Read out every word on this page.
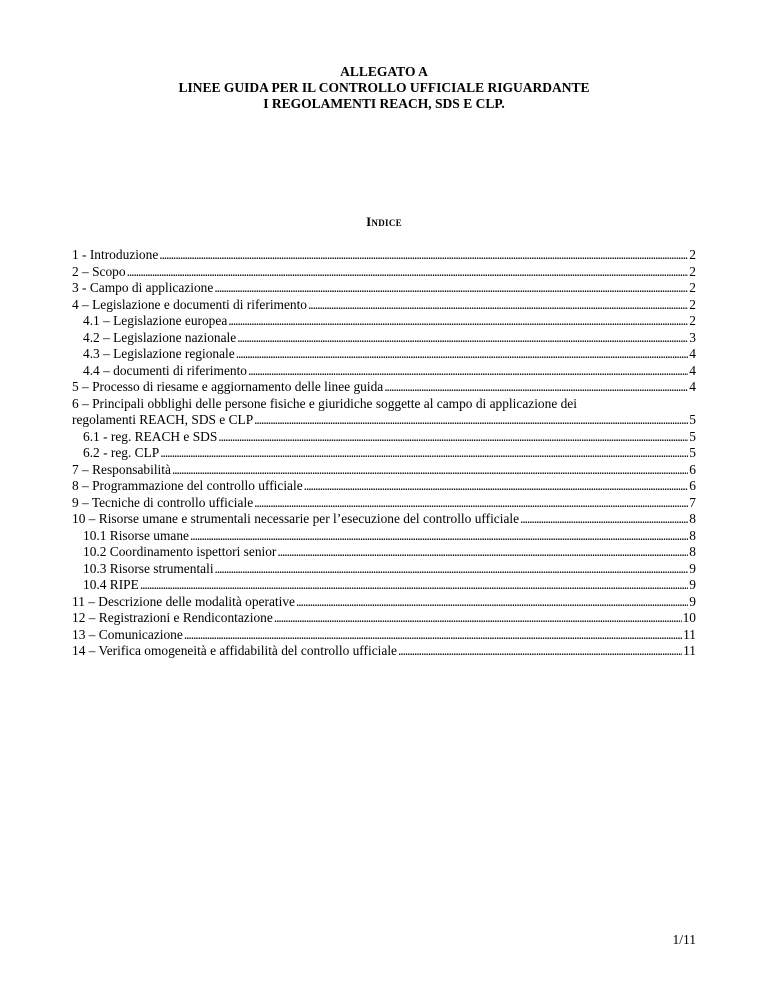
ALLEGATO A
LINEE GUIDA PER IL CONTROLLO UFFICIALE RIGUARDANTE
I REGOLAMENTI REACH, SDS E CLP.
Indice
1 - Introduzione . . .	2
2 – Scopo . . .	2
3 - Campo di applicazione . . .	2
4 – Legislazione e documenti di riferimento . . .	2
4.1 – Legislazione europea . . .	2
4.2 – Legislazione nazionale . . .	3
4.3 – Legislazione regionale . . .	4
4.4 – documenti di riferimento . . .	4
5 – Processo di riesame e aggiornamento delle linee guida . . .	4
6 – Principali obblighi delle persone fisiche e giuridiche soggette al campo di applicazione dei
regolamenti REACH, SDS e CLP . . .	5
6.1 - reg. REACH e SDS . . .	5
6.2 - reg. CLP . . .	5
7 – Responsabilità . . .	6
8 – Programmazione del controllo ufficiale . . .	6
9 – Tecniche di controllo ufficiale . . .	7
10 – Risorse umane e strumentali necessarie per l’esecuzione del controllo ufficiale . . .	8
10.1 Risorse umane . . .	8
10.2 Coordinamento ispettori senior . . .	8
10.3 Risorse strumentali . . .	9
10.4 RIPE . . .	9
11 – Descrizione delle modalità operative . . .	9
12 – Registrazioni e Rendicontazione . . .	10
13 – Comunicazione . . .	11
14 – Verifica omogeneità e affidabilità del controllo ufficiale . . .	11
1/11
